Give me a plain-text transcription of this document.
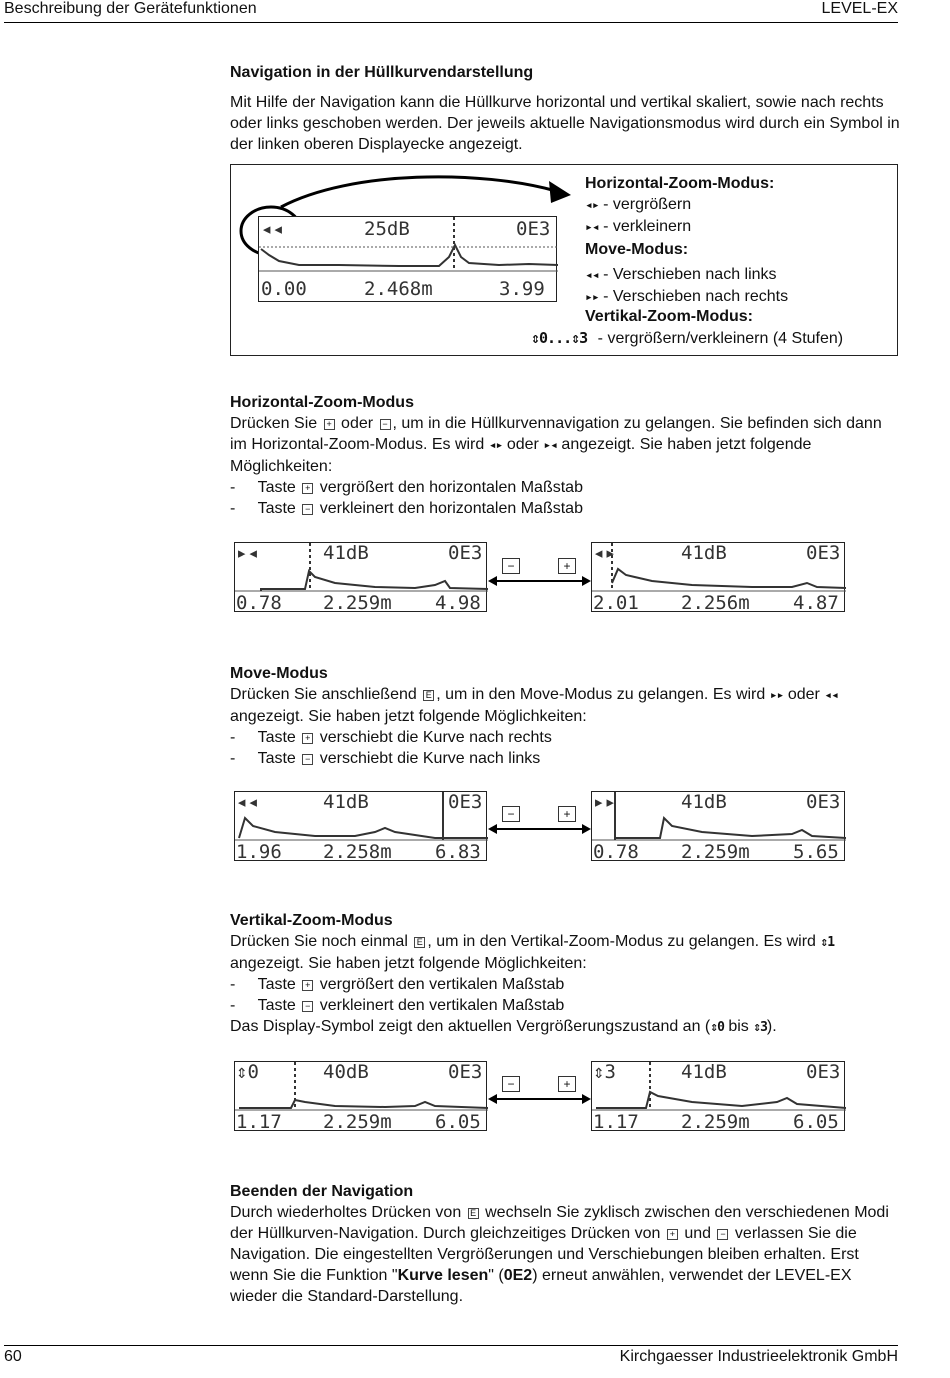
Beschreibung der Gerätefunktionen	LEVEL-EX
Navigation in der Hüllkurvendarstellung
Mit Hilfe der Navigation kann die Hüllkurve horizontal und vertikal skaliert, sowie nach rechts oder links geschoben werden. Der jeweils aktuelle Navigationsmodus wird durch ein Symbol in der linken oberen Displayecke angezeigt.
◂◂	25dB	0E3
0.00	2.468m	3.99
Horizontal-Zoom-Modus:
◂▸ - vergrößern
▸◂ - verkleinern
Move-Modus:
◂◂ - Verschieben nach links
▸▸ - Verschieben nach rechts
Vertikal-Zoom-Modus:
⇕0...⇕3 - vergrößern/verkleinern (4 Stufen)
Horizontal-Zoom-Modus
Drücken Sie + oder − , um in die Hüllkurvennavigation zu gelangen. Sie befinden sich dann im Horizontal-Zoom-Modus. Es wird ◂▸ oder ▸◂ angezeigt. Sie haben jetzt folgende Möglichkeiten:
- Taste + vergrößert den horizontalen Maßstab
- Taste − verkleinert den horizontalen Maßstab
▸◂	41dB	0E3
0.78 2.259m 4.98
−	+
◂▸	41dB	0E3
2.01 2.256m 4.87
Move-Modus
Drücken Sie anschließend E , um in den Move-Modus zu gelangen. Es wird ▸▸ oder ◂◂ angezeigt. Sie haben jetzt folgende Möglichkeiten:
- Taste + verschiebt die Kurve nach rechts
- Taste − verschiebt die Kurve nach links
◂◂	41dB	0E3
1.96 2.258m 6.83
−	+
▸▸	41dB	0E3
0.78 2.259m 5.65
Vertikal-Zoom-Modus
Drücken Sie noch einmal E , um in den Vertikal-Zoom-Modus zu gelangen. Es wird ⇕1 angezeigt. Sie haben jetzt folgende Möglichkeiten:
- Taste + vergrößert den vertikalen Maßstab
- Taste − verkleinert den vertikalen Maßstab
Das Display-Symbol zeigt den aktuellen Vergrößerungszustand an (⇕0 bis ⇕3).
⇕0	40dB	0E3
1.17 2.259m 6.05
−	+
⇕3	41dB	0E3
1.17 2.259m 6.05
Beenden der Navigation
Durch wiederholtes Drücken von E wechseln Sie zyklisch zwischen den verschiedenen Modi der Hüllkurven-Navigation. Durch gleichzeitiges Drücken von + und − verlassen Sie die Navigation. Die eingestellten Vergrößerungen und Verschiebungen bleiben erhalten. Erst wenn Sie die Funktion "Kurve lesen" (0E2) erneut anwählen, verwendet der LEVEL-EX wieder die Standard-Darstellung.
60	Kirchgaesser Industrieelektronik GmbH
